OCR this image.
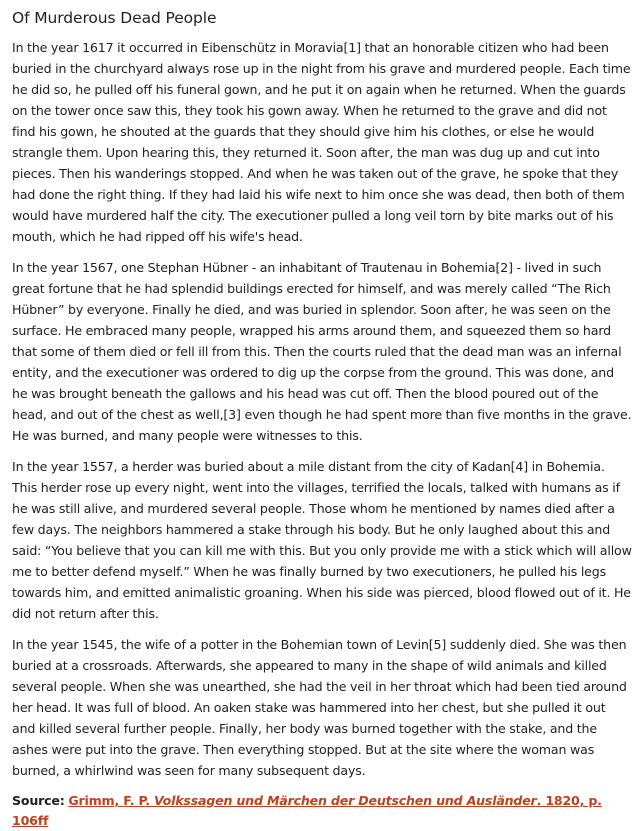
Of Murderous Dead People

In the year 1617 it occurred in Eibenschütz in Moravia[1] that an honorable citizen who had been buried in the churchyard always rose up in the night from his grave and murdered people. Each time he did so, he pulled off his funeral gown, and he put it on again when he returned. When the guards on the tower once saw this, they took his gown away. When he returned to the grave and did not find his gown, he shouted at the guards that they should give him his clothes, or else he would strangle them. Upon hearing this, they returned it. Soon after, the man was dug up and cut into pieces. Then his wanderings stopped. And when he was taken out of the grave, he spoke that they had done the right thing. If they had laid his wife next to him once she was dead, then both of them would have murdered half the city. The executioner pulled a long veil torn by bite marks out of his mouth, which he had ripped off his wife's head.

In the year 1567, one Stephan Hübner - an inhabitant of Trautenau in Bohemia[2] - lived in such great fortune that he had splendid buildings erected for himself, and was merely called “The Rich Hübner” by everyone. Finally he died, and was buried in splendor. Soon after, he was seen on the surface. He embraced many people, wrapped his arms around them, and squeezed them so hard that some of them died or fell ill from this. Then the courts ruled that the dead man was an infernal entity, and the executioner was ordered to dig up the corpse from the ground. This was done, and he was brought beneath the gallows and his head was cut off. Then the blood poured out of the head, and out of the chest as well,[3] even though he had spent more than five months in the grave. He was burned, and many people were witnesses to this.

In the year 1557, a herder was buried about a mile distant from the city of Kadan[4] in Bohemia. This herder rose up every night, went into the villages, terrified the locals, talked with humans as if he was still alive, and murdered several people. Those whom he mentioned by names died after a few days. The neighbors hammered a stake through his body. But he only laughed about this and said: “You believe that you can kill me with this. But you only provide me with a stick which will allow me to better defend myself.” When he was finally burned by two executioners, he pulled his legs towards him, and emitted animalistic groaning. When his side was pierced, blood flowed out of it. He did not return after this.

In the year 1545, the wife of a potter in the Bohemian town of Levin[5] suddenly died. She was then buried at a crossroads. Afterwards, she appeared to many in the shape of wild animals and killed several people. When she was unearthed, she had the veil in her throat which had been tied around her head. It was full of blood. An oaken stake was hammered into her chest, but she pulled it out and killed several further people. Finally, her body was burned together with the stake, and the ashes were put into the grave. Then everything stopped. But at the site where the woman was burned, a whirlwind was seen for many subsequent days.

Source: Grimm, F. P. Volkssagen und Märchen der Deutschen und Ausländer. 1820, p. 106ff
